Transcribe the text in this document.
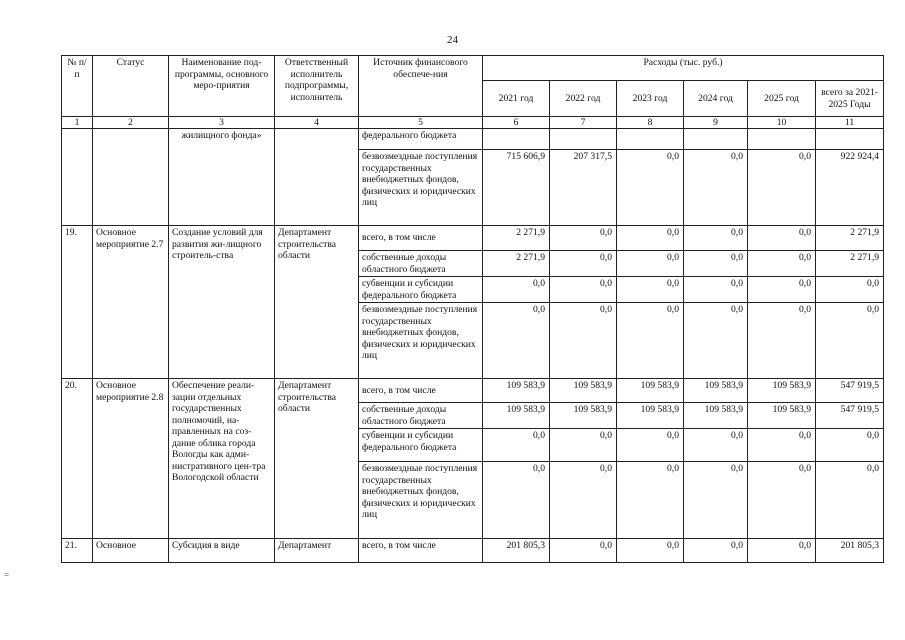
24
=
№ п/п	Статус	Наименование под-программы, основного меро-приятия	Ответственный исполнитель подпрограммы, исполнитель	Источник финансового обеспече-ния	Расходы (тыс. руб.)					
					2021 год	2022 год	2023 год	2024 год	2025 год	всего за 2021-2025 Годы
1	2	3	4	5	6	7	8	9	10	11
		жилищного фонда»		федерального бюджета						
				безвозмездные поступления государственных внебюджетных фондов, физических и юридических лиц	715 606,9	207 317,5	0,0	0,0	0,0	922 924,4
19.	Основное мероприятие 2.7	Создание условий для развития жи-лищного строитель-ства	Департамент строительства области	всего, в том числе	2 271,9	0,0	0,0	0,0	0,0	2 271,9
				собственные доходы областного бюджета	2 271,9	0,0	0,0	0,0	0,0	2 271,9
				субвенции и субсидии федерального бюджета	0,0	0,0	0,0	0,0	0,0	0,0
				безвозмездные поступления государственных внебюджетных фондов, физических и юридических лиц	0,0	0,0	0,0	0,0	0,0	0,0
20.	Основное мероприятие 2.8	Обеспечение реали-зации отдельных государственных полномочий, на-правленных на соз-дание облика города Вологды как адми-нистративного цен-тра Вологодской области	Департамент строительства области	всего, в том числе	109 583,9	109 583,9	109 583,9	109 583,9	109 583,9	547 919,5
				собственные доходы областного бюджета	109 583,9	109 583,9	109 583,9	109 583,9	109 583,9	547 919,5
				субвенции и субсидии федерального бюджета	0,0	0,0	0,0	0,0	0,0	0,0
				безвозмездные поступления государственных внебюджетных фондов, физических и юридических лиц	0,0	0,0	0,0	0,0	0,0	0,0
21.	Основное	Субсидия в виде	Департамент	всего, в том числе	201 805,3	0,0	0,0	0,0	0,0	201 805,3
